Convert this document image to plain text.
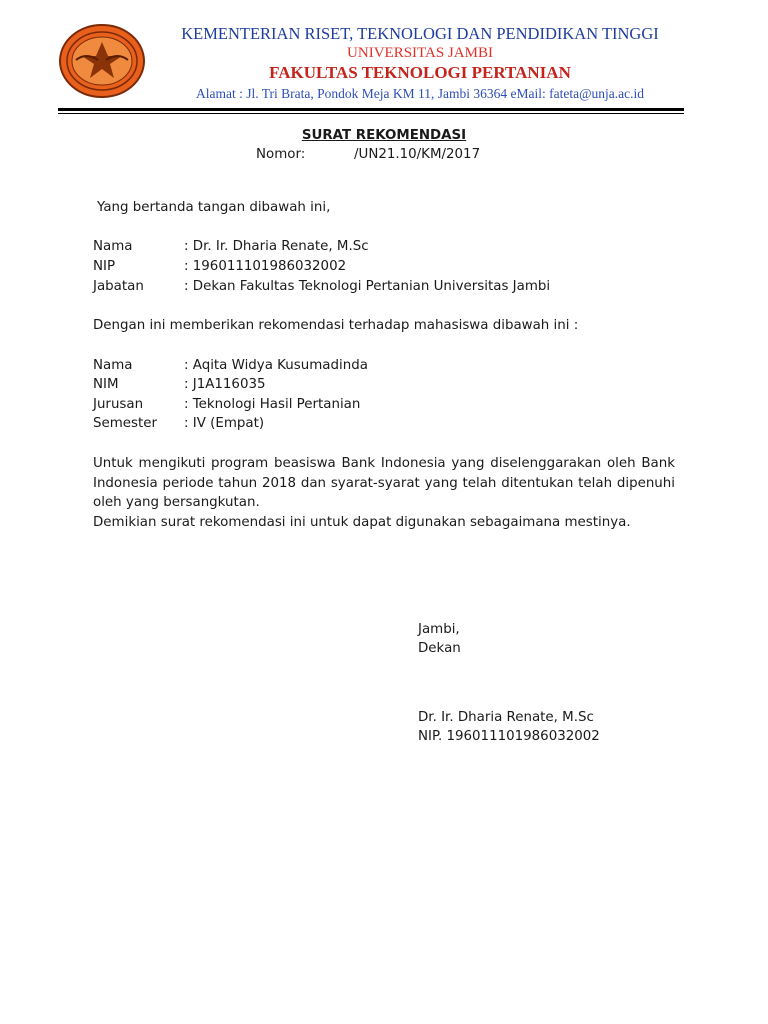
KEMENTERIAN RISET, TEKNOLOGI DAN PENDIDIKAN TINGGI
UNIVERSITAS JAMBI
FAKULTAS TEKNOLOGI PERTANIAN
Alamat : Jl. Tri Brata, Pondok Meja KM 11, Jambi 36364 eMail: fateta@unja.ac.id
SURAT REKOMENDASI
Nomor:	/UN21.10/KM/2017
Yang bertanda tangan dibawah ini,
Nama	: Dr. Ir. Dharia Renate, M.Sc
NIP	: 196011101986032002
Jabatan	: Dekan Fakultas Teknologi Pertanian Universitas Jambi
Dengan ini memberikan rekomendasi terhadap mahasiswa dibawah ini :
Nama	: Aqita Widya Kusumadinda
NIM	: J1A116035
Jurusan	: Teknologi Hasil Pertanian
Semester : IV (Empat)
Untuk mengikuti program beasiswa Bank Indonesia yang diselenggarakan oleh Bank Indonesia periode tahun 2018 dan syarat-syarat yang telah ditentukan telah dipenuhi oleh yang bersangkutan.
Demikian surat rekomendasi ini untuk dapat digunakan sebagaimana mestinya.
Jambi,
Dekan
Dr. Ir. Dharia Renate, M.Sc
NIP. 196011101986032002
